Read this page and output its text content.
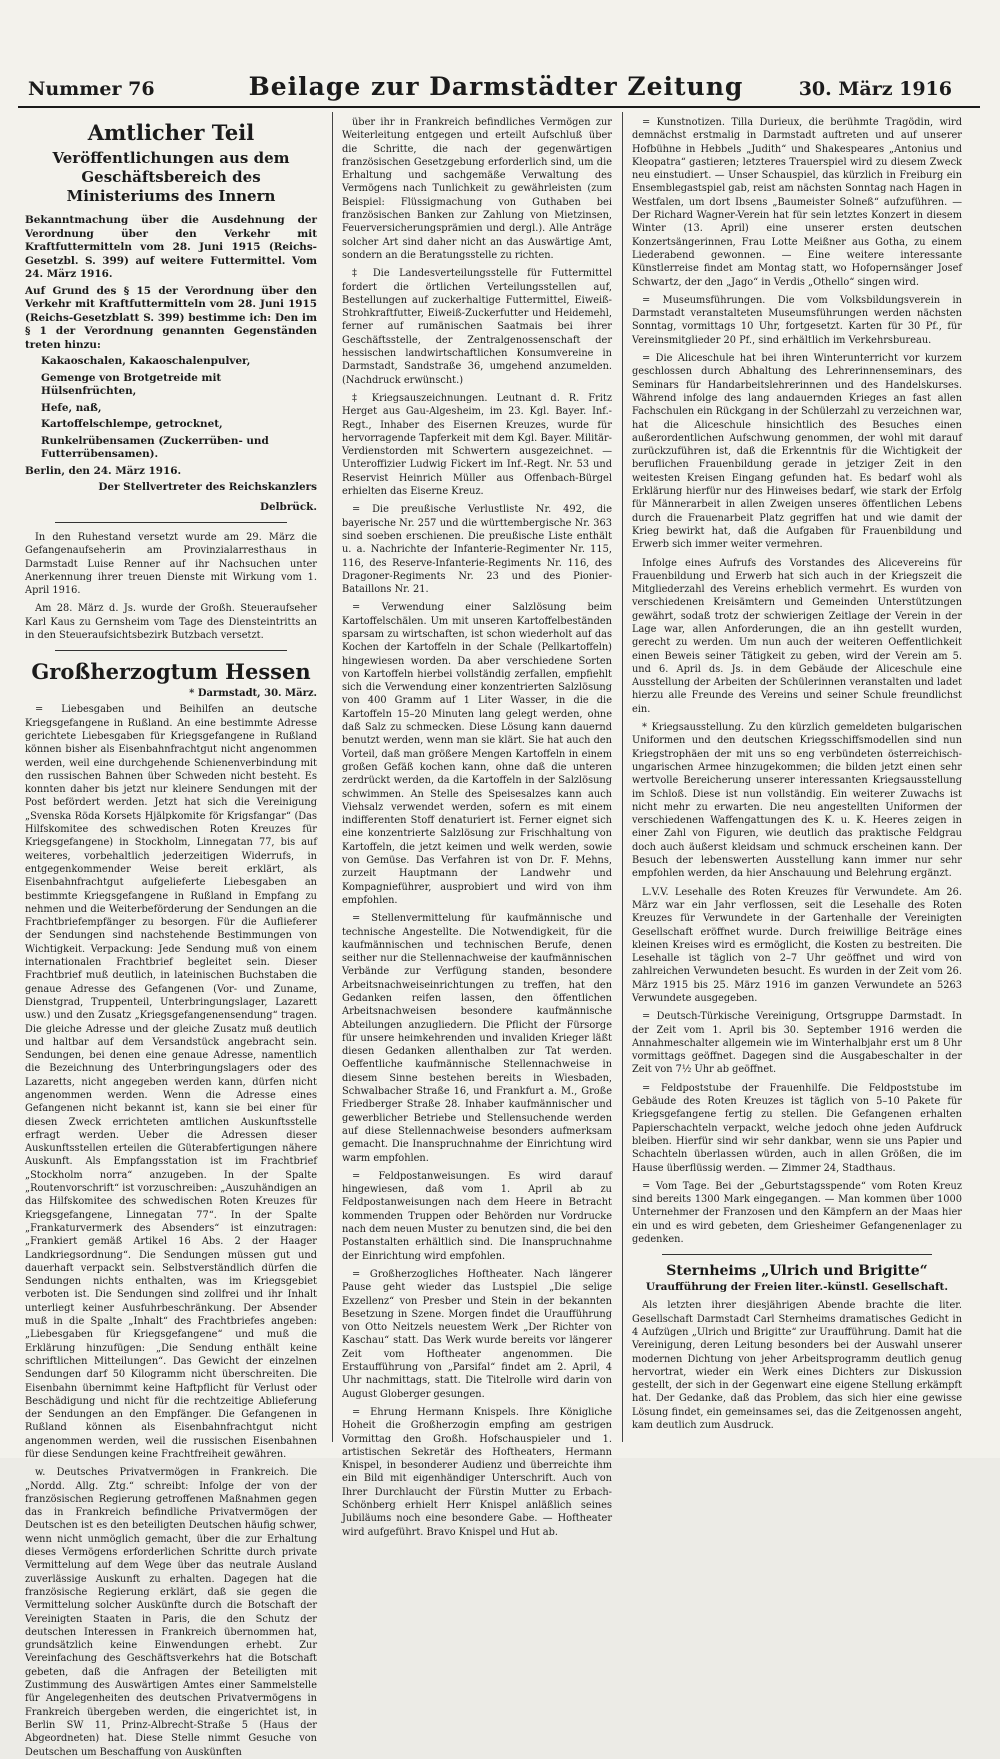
Nummer 76	Beilage zur Darmstädter Zeitung	30. März 1916
Amtlicher Teil
Veröffentlichungen aus dem Geschäftsbereich des Ministeriums des Innern

Bekanntmachung über die Ausdehnung der Verordnung über den Verkehr mit Kraftfuttermitteln vom 28. Juni 1915 (Reichs-Gesetzbl. S. 399) auf weitere Futtermittel. Vom 24. März 1916.

Auf Grund des § 15 der Verordnung über den Verkehr mit Kraftfuttermitteln vom 28. Juni 1915 (Reichs-Gesetzblatt S. 399) bestimme ich: Den im § 1 der Verordnung genannten Gegenständen treten hinzu:

Kakaoschalen, Kakaoschalenpulver,
Gemenge von Brotgetreide mit Hülsenfrüchten,
Hefe, naß,
Kartoffelschlempe, getrocknet,
Runkelrübensamen (Zuckerrüben- und Futterrübensamen).

Berlin, den 24. März 1916.

Der Stellvertreter des Reichskanzlers
Delbrück.

In den Ruhestand versetzt wurde am 29. März die Gefangenaufseherin am Provinzialarresthaus in Darmstadt Luise Renner auf ihr Nachsuchen unter Anerkennung ihrer treuen Dienste mit Wirkung vom 1. April 1916.

Am 28. März d. Js. wurde der Großh. Steueraufseher Karl Kaus zu Gernsheim vom Tage des Diensteintritts an in den Steueraufsichtsbezirk Butzbach versetzt.

Großherzogtum Hessen
* Darmstadt, 30. März.

= Liebesgaben und Beihilfen an deutsche Kriegsgefangene in Rußland. An eine bestimmte Adresse gerichtete Liebesgaben für Kriegsgefangene in Rußland können bisher als Eisenbahnfrachtgut nicht angenommen werden, weil eine durchgehende Schienenverbindung mit den russischen Bahnen über Schweden nicht besteht. Es konnten daher bis jetzt nur kleinere Sendungen mit der Post befördert werden. Jetzt hat sich die Vereinigung „Svenska Röda Korsets Hjälpkomite för Krigsfangar“ (Das Hilfskomitee des schwedischen Roten Kreuzes für Kriegsgefangene) in Stockholm, Linnegatan 77, bis auf weiteres, vorbehaltlich jederzeitigen Widerrufs, in entgegenkommender Weise bereit erklärt, als Eisenbahnfrachtgut aufgelieferte Liebesgaben an bestimmte Kriegsgefangene in Rußland in Empfang zu nehmen und die Weiterbeförderung der Sendungen an die Frachtbriefempfänger zu besorgen. Für die Auflieferer der Sendungen sind nachstehende Bestimmungen von Wichtigkeit. Verpackung: Jede Sendung muß von einem internationalen Frachtbrief begleitet sein. Dieser Frachtbrief muß deutlich, in lateinischen Buchstaben die genaue Adresse des Gefangenen (Vor- und Zuname, Dienstgrad, Truppenteil, Unterbringungslager, Lazarett usw.) und den Zusatz „Kriegsgefangenensendung“ tragen. Die gleiche Adresse und der gleiche Zusatz muß deutlich und haltbar auf dem Versandstück angebracht sein. Sendungen, bei denen eine genaue Adresse, namentlich die Bezeichnung des Unterbringungslagers oder des Lazaretts, nicht angegeben werden kann, dürfen nicht angenommen werden. Wenn die Adresse eines Gefangenen nicht bekannt ist, kann sie bei einer für diesen Zweck errichteten amtlichen Auskunftsstelle erfragt werden. Ueber die Adressen dieser Auskunftsstellen erteilen die Güterabfertigungen nähere Auskunft. Als Empfangsstation ist im Frachtbrief „Stockholm norra“ anzugeben. In der Spalte „Routenvorschrift“ ist vorzuschreiben: „Auszuhändigen an das Hilfskomitee des schwedischen Roten Kreuzes für Kriegsgefangene, Linnegatan 77“. In der Spalte „Frankaturvermerk des Absenders“ ist einzutragen: „Frankiert gemäß Artikel 16 Abs. 2 der Haager Landkriegsordnung“. Die Sendungen müssen gut und dauerhaft verpackt sein. Selbstverständlich dürfen die Sendungen nichts enthalten, was im Kriegsgebiet verboten ist. Die Sendungen sind zollfrei und ihr Inhalt unterliegt keiner Ausfuhrbeschränkung. Der Absender muß in die Spalte „Inhalt“ des Frachtbriefes angeben: „Liebesgaben für Kriegsgefangene“ und muß die Erklärung hinzufügen: „Die Sendung enthält keine schriftlichen Mitteilungen“. Das Gewicht der einzelnen Sendungen darf 50 Kilogramm nicht überschreiten. Die Eisenbahn übernimmt keine Haftpflicht für Verlust oder Beschädigung und nicht für die rechtzeitige Ablieferung der Sendungen an den Empfänger. Die Gefangenen in Rußland können als Eisenbahnfrachtgut nicht angenommen werden, weil die russischen Eisenbahnen für diese Sendungen keine Frachtfreiheit gewähren.

w. Deutsches Privatvermögen in Frankreich. Die „Nordd. Allg. Ztg.“ schreibt: Infolge der von der französischen Regierung getroffenen Maßnahmen gegen das in Frankreich befindliche Privatvermögen der Deutschen ist es den beteiligten Deutschen häufig schwer, wenn nicht unmöglich gemacht, über die zur Erhaltung dieses Vermögens erforderlichen Schritte durch private Vermittelung auf dem Wege über das neutrale Ausland zuverlässige Auskunft zu erhalten. Dagegen hat die französische Regierung erklärt, daß sie gegen die Vermittelung solcher Auskünfte durch die Botschaft der Vereinigten Staaten in Paris, die den Schutz der deutschen Interessen in Frankreich übernommen hat, grundsätzlich keine Einwendungen erhebt. Zur Vereinfachung des Geschäftsverkehrs hat die Botschaft gebeten, daß die Anfragen der Beteiligten mit Zustimmung des Auswärtigen Amtes einer Sammelstelle für Angelegenheiten des deutschen Privatvermögens in Frankreich übergeben werden, die eingerichtet ist, in Berlin SW 11, Prinz-Albrecht-Straße 5 (Haus der Abgeordneten) hat. Diese Stelle nimmt Gesuche von Deutschen um Beschaffung von Auskünften

über ihr in Frankreich befindliches Vermögen zur Weiterleitung entgegen und erteilt Aufschluß über die Schritte, die nach der gegenwärtigen französischen Gesetzgebung erforderlich sind, um die Erhaltung und sachgemäße Verwaltung des Vermögens nach Tunlichkeit zu gewährleisten (zum Beispiel: Flüssigmachung von Guthaben bei französischen Banken zur Zahlung von Mietzinsen, Feuerversicherungsprämien und dergl.). Alle Anträge solcher Art sind daher nicht an das Auswärtige Amt, sondern an die Beratungsstelle zu richten.

‡ Die Landesverteilungsstelle für Futtermittel fordert die örtlichen Verteilungsstellen auf, Bestellungen auf zuckerhaltige Futtermittel, Eiweiß-Strohkraftfutter, Eiweiß-Zuckerfutter und Heidemehl, ferner auf rumänischen Saatmais bei ihrer Geschäftsstelle, der Zentralgenossenschaft der hessischen landwirtschaftlichen Konsumvereine in Darmstadt, Sandstraße 36, umgehend anzumelden. (Nachdruck erwünscht.)

‡ Kriegsauszeichnungen. Leutnant d. R. Fritz Herget aus Gau-Algesheim, im 23. Kgl. Bayer. Inf.-Regt., Inhaber des Eisernen Kreuzes, wurde für hervorragende Tapferkeit mit dem Kgl. Bayer. Militär-Verdienstorden mit Schwertern ausgezeichnet. — Unteroffizier Ludwig Fickert im Inf.-Regt. Nr. 53 und Reservist Heinrich Müller aus Offenbach-Bürgel erhielten das Eiserne Kreuz.

= Die preußische Verlustliste Nr. 492, die bayerische Nr. 257 und die württembergische Nr. 363 sind soeben erschienen. Die preußische Liste enthält u. a. Nachrichte der Infanterie-Regimenter Nr. 115, 116, des Reserve-Infanterie-Regiments Nr. 116, des Dragoner-Regiments Nr. 23 und des Pionier-Bataillons Nr. 21.

= Verwendung einer Salzlösung beim Kartoffelschälen. Um mit unseren Kartoffelbeständen sparsam zu wirtschaften, ist schon wiederholt auf das Kochen der Kartoffeln in der Schale (Pellkartoffeln) hingewiesen worden. Da aber verschiedene Sorten von Kartoffeln hierbei vollständig zerfallen, empfiehlt sich die Verwendung einer konzentrierten Salzlösung von 400 Gramm auf 1 Liter Wasser, in die die Kartoffeln 15–20 Minuten lang gelegt werden, ohne daß Salz zu schmecken. Diese Lösung kann dauernd benutzt werden, wenn man sie klärt. Sie hat auch den Vorteil, daß man größere Mengen Kartoffeln in einem großen Gefäß kochen kann, ohne daß die unteren zerdrückt werden, da die Kartoffeln in der Salzlösung schwimmen. An Stelle des Speisesalzes kann auch Viehsalz verwendet werden, sofern es mit einem indifferenten Stoff denaturiert ist. Ferner eignet sich eine konzentrierte Salzlösung zur Frischhaltung von Kartoffeln, die jetzt keimen und welk werden, sowie von Gemüse. Das Verfahren ist von Dr. F. Mehns, zurzeit Hauptmann der Landwehr und Kompagnieführer, ausprobiert und wird von ihm empfohlen.

= Stellenvermittelung für kaufmännische und technische Angestellte. Die Notwendigkeit, für die kaufmännischen und technischen Berufe, denen seither nur die Stellennachweise der kaufmännischen Verbände zur Verfügung standen, besondere Arbeitsnachweiseinrichtungen zu treffen, hat den Gedanken reifen lassen, den öffentlichen Arbeitsnachweisen besondere kaufmännische Abteilungen anzugliedern. Die Pflicht der Fürsorge für unsere heimkehrenden und invaliden Krieger läßt diesen Gedanken allenthalben zur Tat werden. Oeffentliche kaufmännische Stellennachweise in diesem Sinne bestehen bereits in Wiesbaden, Schwalbacher Straße 16, und Frankfurt a. M., Große Friedberger Straße 28. Inhaber kaufmännischer und gewerblicher Betriebe und Stellensuchende werden auf diese Stellennachweise besonders aufmerksam gemacht. Die Inanspruchnahme der Einrichtung wird warm empfohlen.

= Feldpostanweisungen. Es wird darauf hingewiesen, daß vom 1. April ab zu Feldpostanweisungen nach dem Heere in Betracht kommenden Truppen oder Behörden nur Vordrucke nach dem neuen Muster zu benutzen sind, die bei den Postanstalten erhältlich sind. Die Inanspruchnahme der Einrichtung wird empfohlen.

= Großherzogliches Hoftheater. Nach längerer Pause geht wieder das Lustspiel „Die selige Exzellenz“ von Presber und Stein in der bekannten Besetzung in Szene. Morgen findet die Uraufführung von Otto Neitzels neuestem Werk „Der Richter von Kaschau“ statt. Das Werk wurde bereits vor längerer Zeit vom Hoftheater angenommen. Die Erstaufführung von „Parsifal“ findet am 2. April, 4 Uhr nachmittags, statt. Die Titelrolle wird darin von August Globerger gesungen.

= Ehrung Hermann Knispels. Ihre Königliche Hoheit die Großherzogin empfing am gestrigen Vormittag den Großh. Hofschauspieler und 1. artistischen Sekretär des Hoftheaters, Hermann Knispel, in besonderer Audienz und überreichte ihm ein Bild mit eigenhändiger Unterschrift. Auch von Ihrer Durchlaucht der Fürstin Mutter zu Erbach-Schönberg erhielt Herr Knispel anläßlich seines Jubiläums noch eine besondere Gabe. — Hoftheater wird aufgeführt. Bravo Knispel und Hut ab.

= Kunstnotizen. Tilla Durieux, die berühmte Tragödin, wird demnächst erstmalig in Darmstadt auftreten und auf unserer Hofbühne in Hebbels „Judith“ und Shakespeares „Antonius und Kleopatra“ gastieren; letzteres Trauerspiel wird zu diesem Zweck neu einstudiert. — Unser Schauspiel, das kürzlich in Freiburg ein Ensemblegastspiel gab, reist am nächsten Sonntag nach Hagen in Westfalen, um dort Ibsens „Baumeister Solneß“ aufzuführen. — Der Richard Wagner-Verein hat für sein letztes Konzert in diesem Winter (13. April) eine unserer ersten deutschen Konzertsängerinnen, Frau Lotte Meißner aus Gotha, zu einem Liederabend gewonnen. — Eine weitere interessante Künstlerreise findet am Montag statt, wo Hofopernsänger Josef Schwartz, der den „Jago“ in Verdis „Othello“ singen wird.

= Museumsführungen. Die vom Volksbildungsverein in Darmstadt veranstalteten Museumsführungen werden nächsten Sonntag, vormittags 10 Uhr, fortgesetzt. Karten für 30 Pf., für Vereinsmitglieder 20 Pf., sind erhältlich im Verkehrsbureau.

= Die Aliceschule hat bei ihren Winterunterricht vor kurzem geschlossen durch Abhaltung des Lehrerinnenseminars, des Seminars für Handarbeitslehrerinnen und des Handelskurses. Während infolge des lang andauernden Krieges an fast allen Fachschulen ein Rückgang in der Schülerzahl zu verzeichnen war, hat die Aliceschule hinsichtlich des Besuches einen außerordentlichen Aufschwung genommen, der wohl mit darauf zurückzuführen ist, daß die Erkenntnis für die Wichtigkeit der beruflichen Frauenbildung gerade in jetziger Zeit in den weitesten Kreisen Eingang gefunden hat. Es bedarf wohl als Erklärung hierfür nur des Hinweises bedarf, wie stark der Erfolg für Männerarbeit in allen Zweigen unseres öffentlichen Lebens durch die Frauenarbeit Platz gegriffen hat und wie damit der Krieg bewirkt hat, daß die Aufgaben für Frauenbildung und Erwerb sich immer weiter vermehren.

Infolge eines Aufrufs des Vorstandes des Alicevereins für Frauenbildung und Erwerb hat sich auch in der Kriegszeit die Mitgliederzahl des Vereins erheblich vermehrt. Es wurden von verschiedenen Kreisämtern und Gemeinden Unterstützungen gewährt, sodaß trotz der schwierigen Zeitlage der Verein in der Lage war, allen Anforderungen, die an ihn gestellt wurden, gerecht zu werden. Um nun auch der weiteren Oeffentlichkeit einen Beweis seiner Tätigkeit zu geben, wird der Verein am 5. und 6. April ds. Js. in dem Gebäude der Aliceschule eine Ausstellung der Arbeiten der Schülerinnen veranstalten und ladet hierzu alle Freunde des Vereins und seiner Schule freundlichst ein.

* Kriegsausstellung. Zu den kürzlich gemeldeten bulgarischen Uniformen und den deutschen Kriegsschiffsmodellen sind nun Kriegstrophäen der mit uns so eng verbündeten österreichisch-ungarischen Armee hinzugekommen; die bilden jetzt einen sehr wertvolle Bereicherung unserer interessanten Kriegsausstellung im Schloß. Diese ist nun vollständig. Ein weiterer Zuwachs ist nicht mehr zu erwarten. Die neu angestellten Uniformen der verschiedenen Waffengattungen des K. u. K. Heeres zeigen in einer Zahl von Figuren, wie deutlich das praktische Feldgrau doch auch äußerst kleidsam und schmuck erscheinen kann. Der Besuch der lebenswerten Ausstellung kann immer nur sehr empfohlen werden, da hier Anschauung und Belehrung ergänzt.

L.V.V. Lesehalle des Roten Kreuzes für Verwundete. Am 26. März war ein Jahr verflossen, seit die Lesehalle des Roten Kreuzes für Verwundete in der Gartenhalle der Vereinigten Gesellschaft eröffnet wurde. Durch freiwillige Beiträge eines kleinen Kreises wird es ermöglicht, die Kosten zu bestreiten. Die Lesehalle ist täglich von 2–7 Uhr geöffnet und wird von zahlreichen Verwundeten besucht. Es wurden in der Zeit vom 26. März 1915 bis 25. März 1916 im ganzen Verwundete an 5263 Verwundete ausgegeben.

= Deutsch-Türkische Vereinigung, Ortsgruppe Darmstadt. In der Zeit vom 1. April bis 30. September 1916 werden die Annahmeschalter allgemein wie im Winterhalbjahr erst um 8 Uhr vormittags geöffnet. Dagegen sind die Ausgabeschalter in der Zeit von 7½ Uhr ab geöffnet.

= Feldpoststube der Frauenhilfe. Die Feldpoststube im Gebäude des Roten Kreuzes ist täglich von 5–10 Pakete für Kriegsgefangene fertig zu stellen. Die Gefangenen erhalten Papierschachteln verpackt, welche jedoch ohne jeden Aufdruck bleiben. Hierfür sind wir sehr dankbar, wenn sie uns Papier und Schachteln überlassen würden, auch in allen Größen, die im Hause überflüssig werden. — Zimmer 24, Stadthaus.

= Vom Tage. Bei der „Geburtstagsspende“ vom Roten Kreuz sind bereits 1300 Mark eingegangen. — Man kommen über 1000 Unternehmer der Franzosen und den Kämpfern an der Maas hier ein und es wird gebeten, dem Griesheimer Gefangenenlager zu gedenken.

Sternheims „Ulrich und Brigitte“
Uraufführung der Freien liter.-künstl. Gesellschaft.

Als letzten ihrer diesjährigen Abende brachte die liter. Gesellschaft Darmstadt Carl Sternheims dramatisches Gedicht in 4 Aufzügen „Ulrich und Brigitte“ zur Uraufführung. Damit hat die Vereinigung, deren Leitung besonders bei der Auswahl unserer modernen Dichtung von jeher Arbeitsprogramm deutlich genug hervortrat, wieder ein Werk eines Dichters zur Diskussion gestellt, der sich in der Gegenwart eine eigene Stellung erkämpft hat. Der Gedanke, daß das Problem, das sich hier eine gewisse Lösung findet, ein gemeinsames sei, das die Zeitgenossen angeht, kam deutlich zum Ausdruck.
